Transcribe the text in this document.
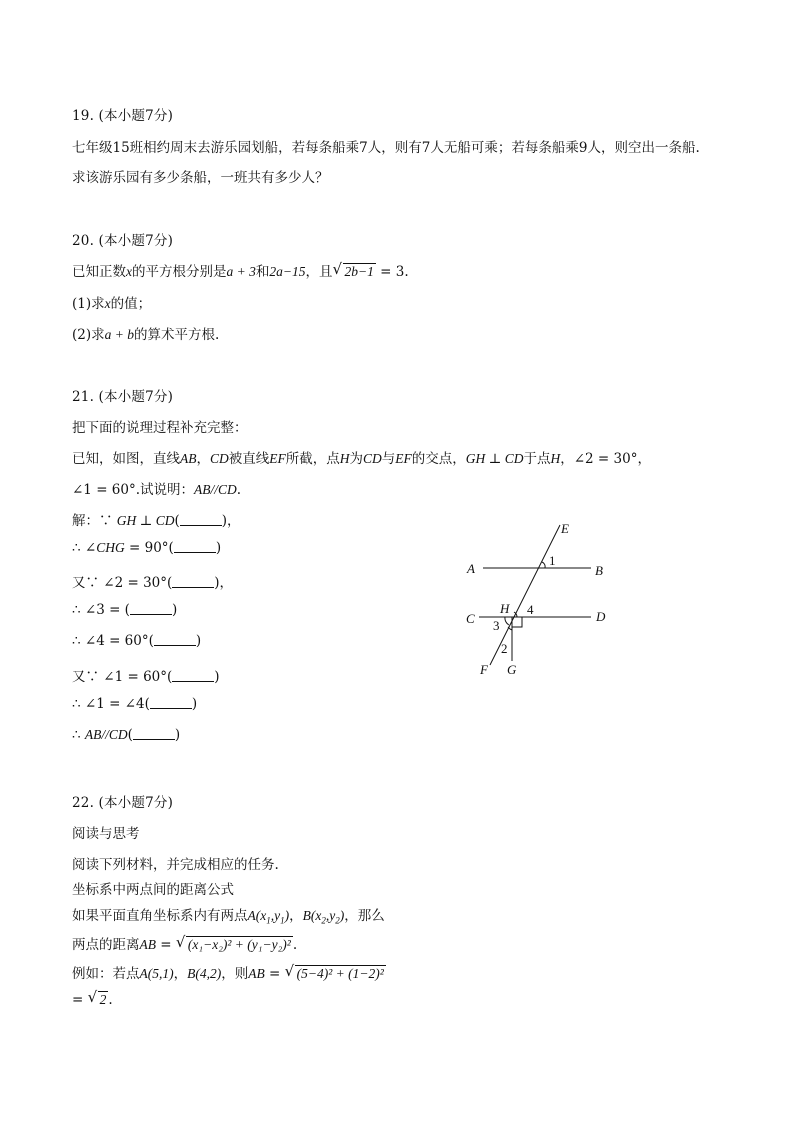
19. (本小题7分)
七年级15班相约周末去游乐园划船，若每条船乘7人，则有7人无船可乘；若每条船乘9人，则空出一条船.
求该游乐园有多少条船，一班共有多少人？
20. (本小题7分)
已知正数x的平方根分别是a + 3和2a−15，且 2b−1 √ = 3.
(1)求x的值；
(2)求a + b的算术平方根.
21. (本小题7分)
把下面的说理过程补充完整：
已知，如图，直线AB，CD被直线EF所截，点H为CD与EF的交点，GH ⊥ CD于点H，∠2 = 30°，
∠1 = 60°.试说明：AB//CD.
解：∵ GH ⊥ CD(	)，
∴ ∠CHG = 90°(	)
又∵ ∠2 = 30°(	)，
∴ ∠3 = (	)
∴ ∠4 = 60°(	)
又∵ ∠1 = 60°(	)
∴ ∠1 = ∠4(	)
∴ AB//CD(	)
E
1
A	B
H 4
C	D
3
2
F G
22. (本小题7分)
阅读与思考
阅读下列材料，并完成相应的任务.
坐标系中两点间的距离公式
如果平面直角坐标系内有两点$A(x_1,y_1)$，$B(x_2,y_2)$，那么
两点的距离AB = (x₁−x₂)² + (y₁−y₂)² √ .
例如：若点A(5,1)，B(4,2)，则AB = (5−4)² + (1−2)² √
= 2 √ .
